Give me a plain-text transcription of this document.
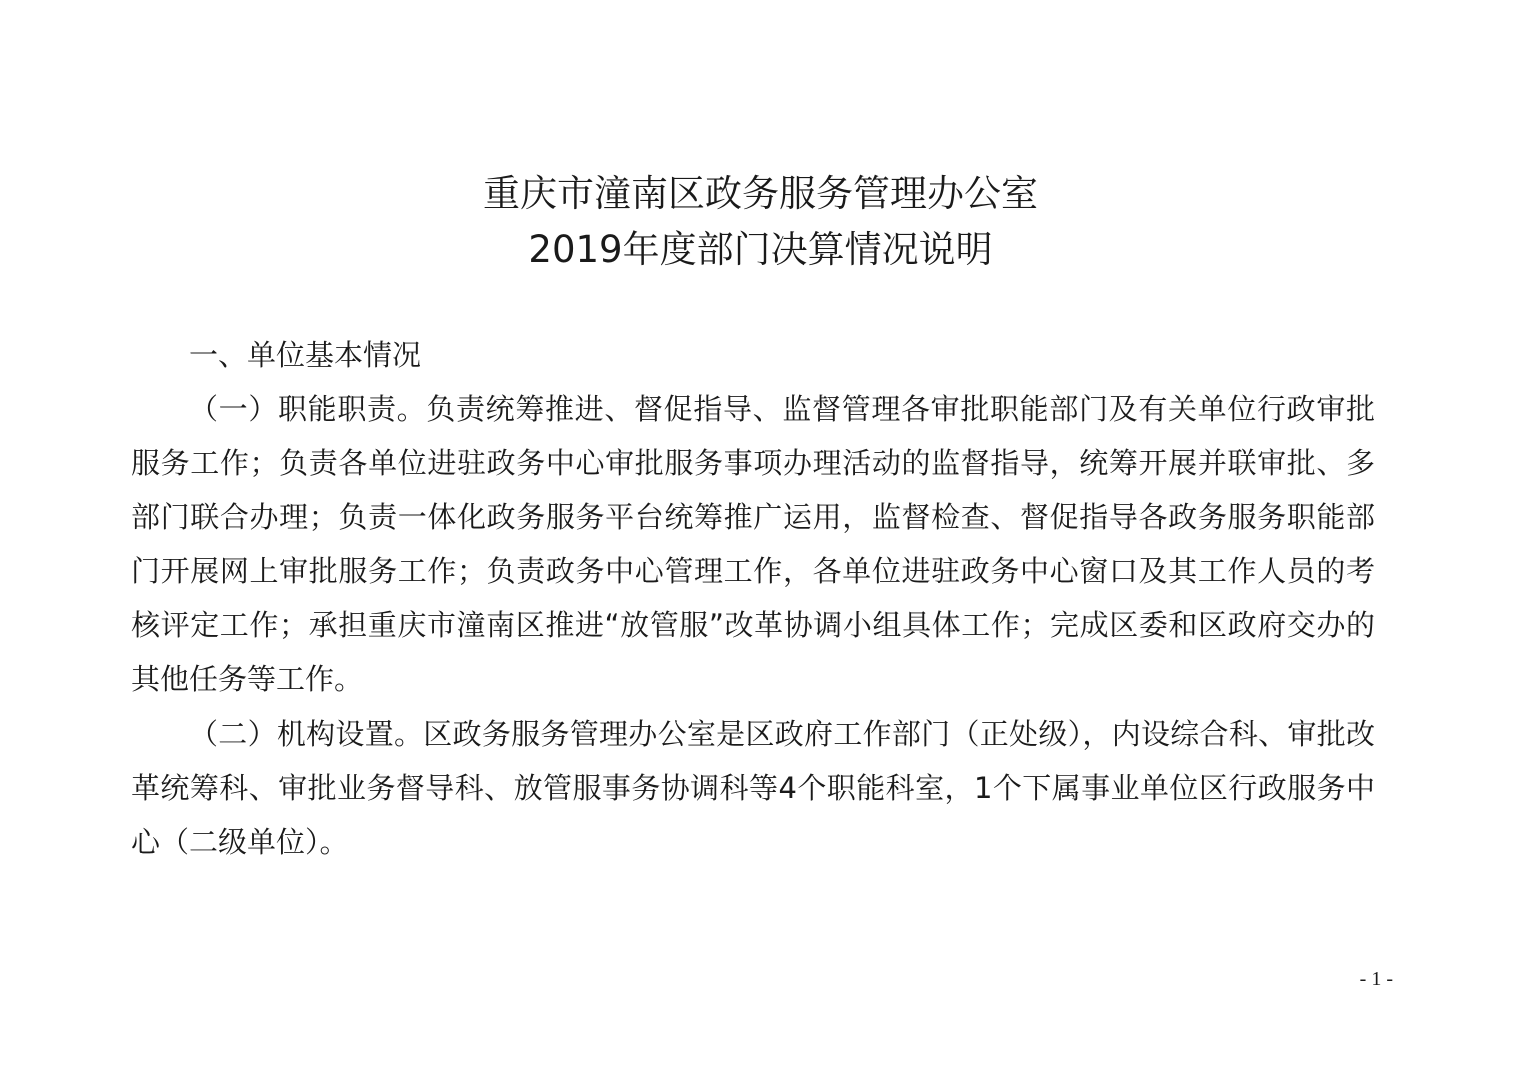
重庆市潼南区政务服务管理办公室
2019年度部门决算情况说明
一、单位基本情况
（一）职能职责。负责统筹推进、督促指导、监督管理各审批职能部门及有关单位行政审批服务工作；负责各单位进驻政务中心审批服务事项办理活动的监督指导，统筹开展并联审批、多部门联合办理；负责一体化政务服务平台统筹推广运用，监督检查、督促指导各政务服务职能部门开展网上审批服务工作；负责政务中心管理工作，各单位进驻政务中心窗口及其工作人员的考核评定工作；承担重庆市潼南区推进“放管服”改革协调小组具体工作；完成区委和区政府交办的其他任务等工作。
（二）机构设置。区政务服务管理办公室是区政府工作部门（正处级），内设综合科、审批改革统筹科、审批业务督导科、放管服事务协调科等4个职能科室，1个下属事业单位区行政服务中心（二级单位）。
- 1 -
